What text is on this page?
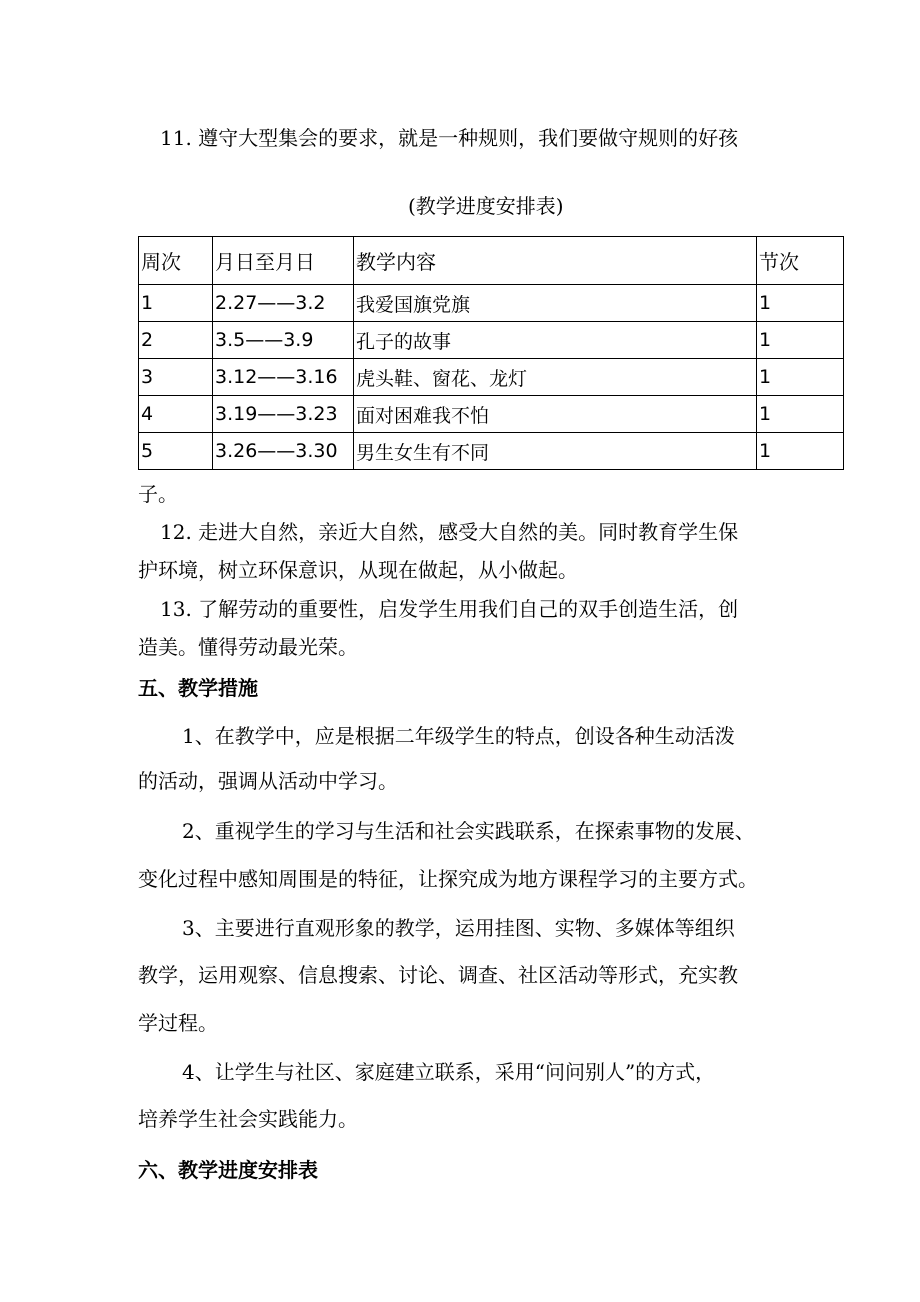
11. 遵守大型集会的要求，就是一种规则，我们要做守规则的好孩
(教学进度安排表)
周次	月日至月日	教学内容	节次
1	2.27——3.2	我爱国旗党旗	1
2	3.5——3.9	孔子的故事	1
3	3.12——3.16	虎头鞋、窗花、龙灯	1
4	3.19——3.23	面对困难我不怕	1
5	3.26——3.30	男生女生有不同	1
子。
12. 走进大自然，亲近大自然，感受大自然的美。同时教育学生保
护环境，树立环保意识，从现在做起，从小做起。
13. 了解劳动的重要性，启发学生用我们自己的双手创造生活，创
造美。懂得劳动最光荣。
五、教学措施
1、在教学中，应是根据二年级学生的特点，创设各种生动活泼
的活动，强调从活动中学习。
2、重视学生的学习与生活和社会实践联系，在探索事物的发展、
变化过程中感知周围是的特征，让探究成为地方课程学习的主要方式。
3、主要进行直观形象的教学，运用挂图、实物、多媒体等组织
教学，运用观察、信息搜索、讨论、调查、社区活动等形式，充实教
学过程。
4、让学生与社区、家庭建立联系，采用“问问别人”的方式，
培养学生社会实践能力。
六、教学进度安排表
